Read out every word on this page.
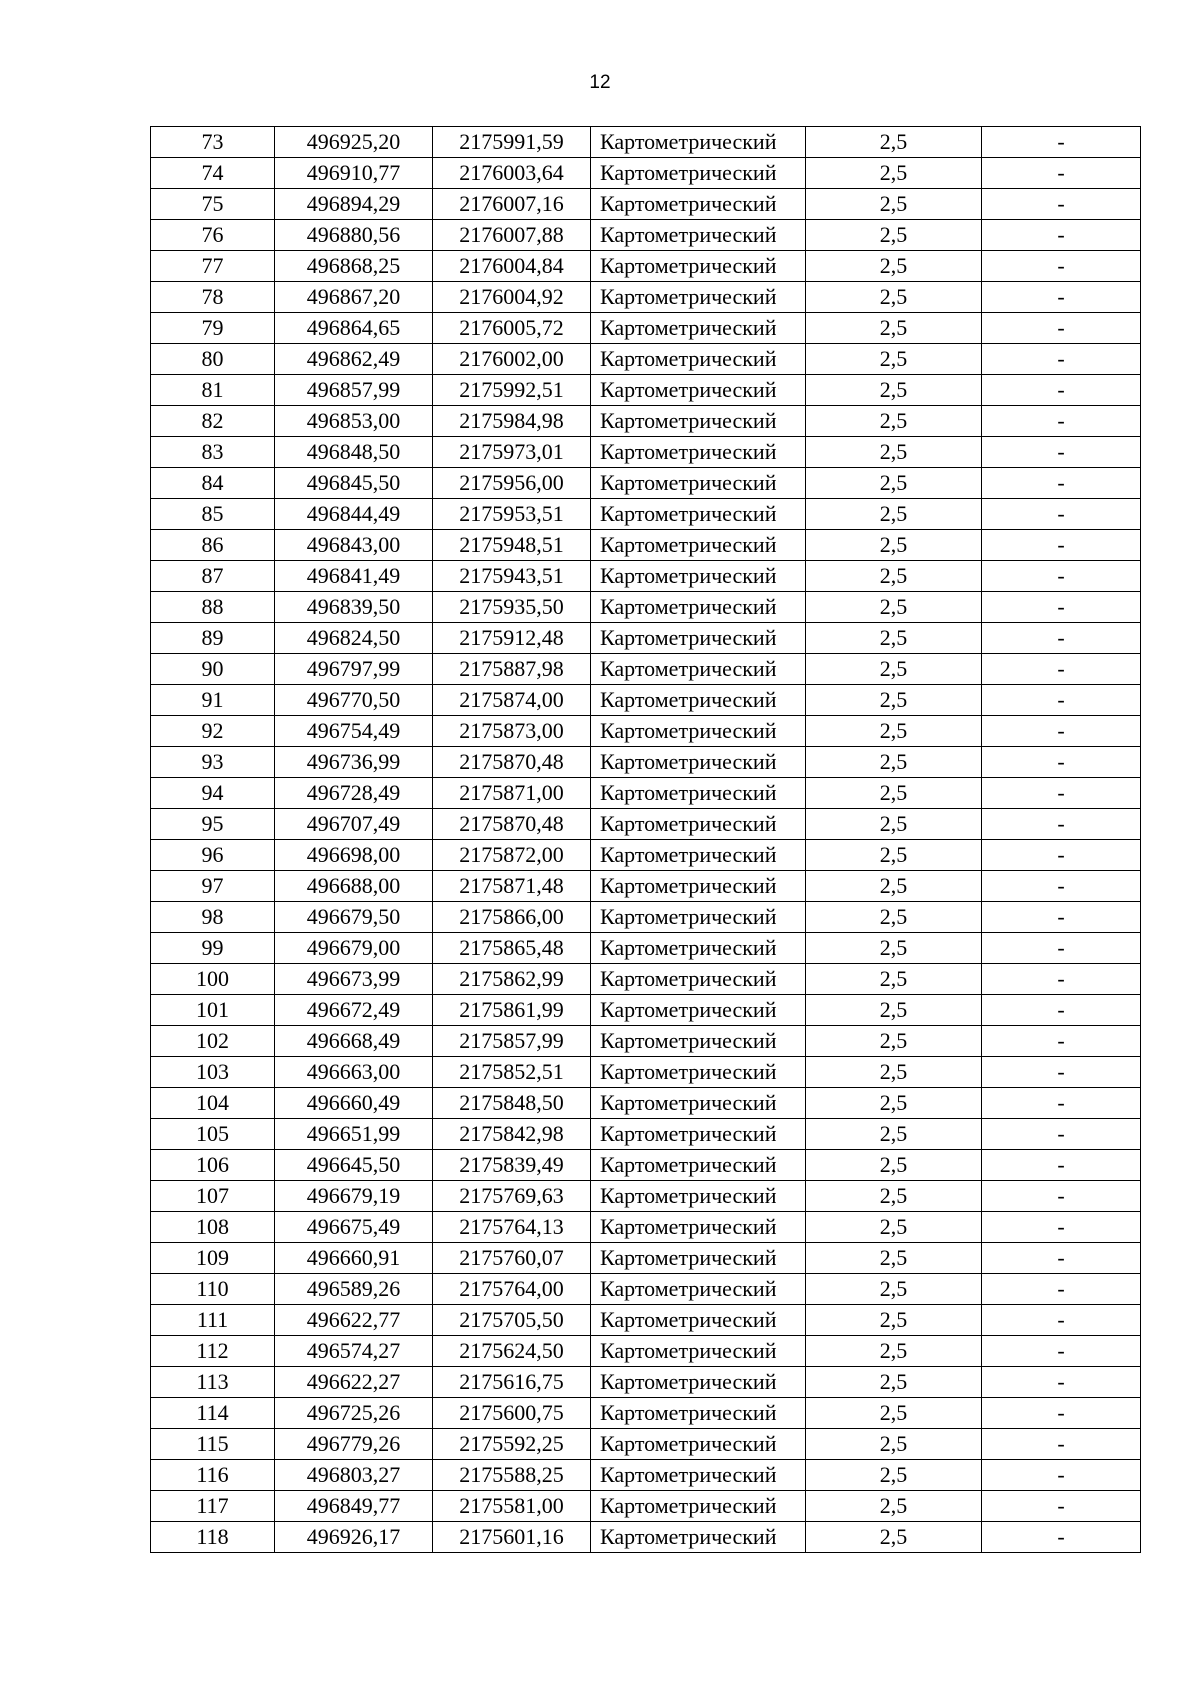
12
73	496925,20	2175991,59	Картометрический	2,5	-
74	496910,77	2176003,64	Картометрический	2,5	-
75	496894,29	2176007,16	Картометрический	2,5	-
76	496880,56	2176007,88	Картометрический	2,5	-
77	496868,25	2176004,84	Картометрический	2,5	-
78	496867,20	2176004,92	Картометрический	2,5	-
79	496864,65	2176005,72	Картометрический	2,5	-
80	496862,49	2176002,00	Картометрический	2,5	-
81	496857,99	2175992,51	Картометрический	2,5	-
82	496853,00	2175984,98	Картометрический	2,5	-
83	496848,50	2175973,01	Картометрический	2,5	-
84	496845,50	2175956,00	Картометрический	2,5	-
85	496844,49	2175953,51	Картометрический	2,5	-
86	496843,00	2175948,51	Картометрический	2,5	-
87	496841,49	2175943,51	Картометрический	2,5	-
88	496839,50	2175935,50	Картометрический	2,5	-
89	496824,50	2175912,48	Картометрический	2,5	-
90	496797,99	2175887,98	Картометрический	2,5	-
91	496770,50	2175874,00	Картометрический	2,5	-
92	496754,49	2175873,00	Картометрический	2,5	-
93	496736,99	2175870,48	Картометрический	2,5	-
94	496728,49	2175871,00	Картометрический	2,5	-
95	496707,49	2175870,48	Картометрический	2,5	-
96	496698,00	2175872,00	Картометрический	2,5	-
97	496688,00	2175871,48	Картометрический	2,5	-
98	496679,50	2175866,00	Картометрический	2,5	-
99	496679,00	2175865,48	Картометрический	2,5	-
100	496673,99	2175862,99	Картометрический	2,5	-
101	496672,49	2175861,99	Картометрический	2,5	-
102	496668,49	2175857,99	Картометрический	2,5	-
103	496663,00	2175852,51	Картометрический	2,5	-
104	496660,49	2175848,50	Картометрический	2,5	-
105	496651,99	2175842,98	Картометрический	2,5	-
106	496645,50	2175839,49	Картометрический	2,5	-
107	496679,19	2175769,63	Картометрический	2,5	-
108	496675,49	2175764,13	Картометрический	2,5	-
109	496660,91	2175760,07	Картометрический	2,5	-
110	496589,26	2175764,00	Картометрический	2,5	-
111	496622,77	2175705,50	Картометрический	2,5	-
112	496574,27	2175624,50	Картометрический	2,5	-
113	496622,27	2175616,75	Картометрический	2,5	-
114	496725,26	2175600,75	Картометрический	2,5	-
115	496779,26	2175592,25	Картометрический	2,5	-
116	496803,27	2175588,25	Картометрический	2,5	-
117	496849,77	2175581,00	Картометрический	2,5	-
118	496926,17	2175601,16	Картометрический	2,5	-
